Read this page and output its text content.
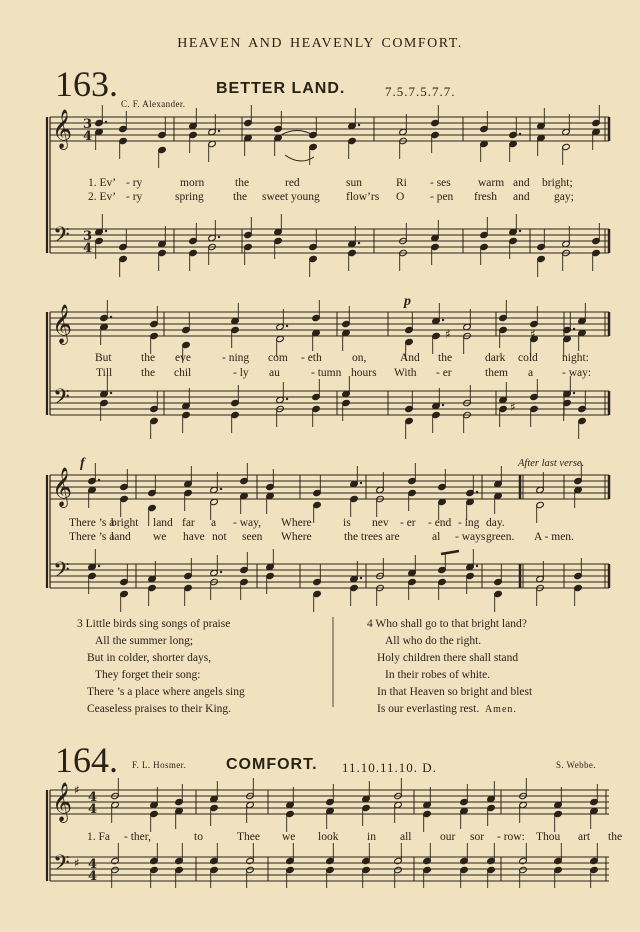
HEAVEN AND HEAVENLY COMFORT.
163.	BETTER LAND.	7.5.7.5.7.7.
C. F. Alexander.
𝄞
𝄢
3
4
3
4
𝄞
𝄢
𝄞
𝄢
♯	♯
♯
𝄞
𝄢
♯
♯
4
4
4
4
1. Ev’ - ry	morn	the	red	sun	Ri - ses warm and bright;
2. Ev’ - ry	spring	the sweet young flow’rs O - pen fresh and gay;
p
But	the eve	- ning com - eth	on,	And the	dark cold night:
Till	the chil	- ly au	- tumn hours With - er	them a	- way:
f	After last verse.
There ’s a
bright land far a - way, Where	is nev - er - end - ing day.
There ’s a
land we have not seen Where	the trees are	al - ways green. A - men.
3 Little birds sing songs of praise
All the summer long;
But in colder, shorter days,
They forget their song:
There ’s a place where angels sing
Ceaseless praises to their King.
4 Who shall go to that bright land?
All who do the right.
Holy children there shall stand
In their robes of white.
In that Heaven so bright and blest
Is our everlasting rest. Amen.
164. F. L. Hosmer. COMFORT. 11.10.11.10. D.	S. Webbe.
1. Fa - ther,	to	Thee we look in all our sor - row: Thou art the
